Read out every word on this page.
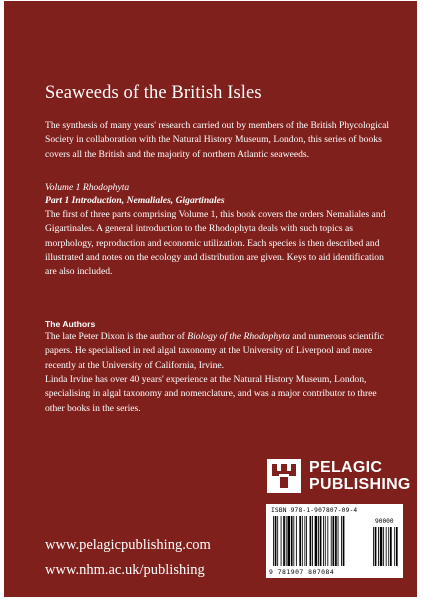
Seaweeds of the British Isles

The synthesis of many years' research carried out by members of the British Phycological Society in collaboration with the Natural History Museum, London, this series of books covers all the British and the majority of northern Atlantic seaweeds.

Volume 1 Rhodophyta
Part 1 Introduction, Nemaliales, Gigartinales

The first of three parts comprising Volume 1, this book covers the orders Nemaliales and Gigartinales. A general introduction to the Rhodophyta deals with such topics as morphology, reproduction and economic utilization. Each species is then described and illustrated and notes on the ecology and distribution are given. Keys to aid identification are also included.

The Authors

The late Peter Dixon is the author of Biology of the Rhodophyta and numerous scientific papers. He specialised in red algal taxonomy at the University of Liverpool and more recently at the University of California, Irvine.

Linda Irvine has over 40 years' experience at the Natural History Museum, London, specialising in algal taxonomy and nomenclature, and was a major contributor to three other books in the series.

www.pelagicpublishing.com
www.nhm.ac.uk/publishing
PELAGIC
PUBLISHING
ISBN 978-1-907807-09-4
90000
9 781907 807084
